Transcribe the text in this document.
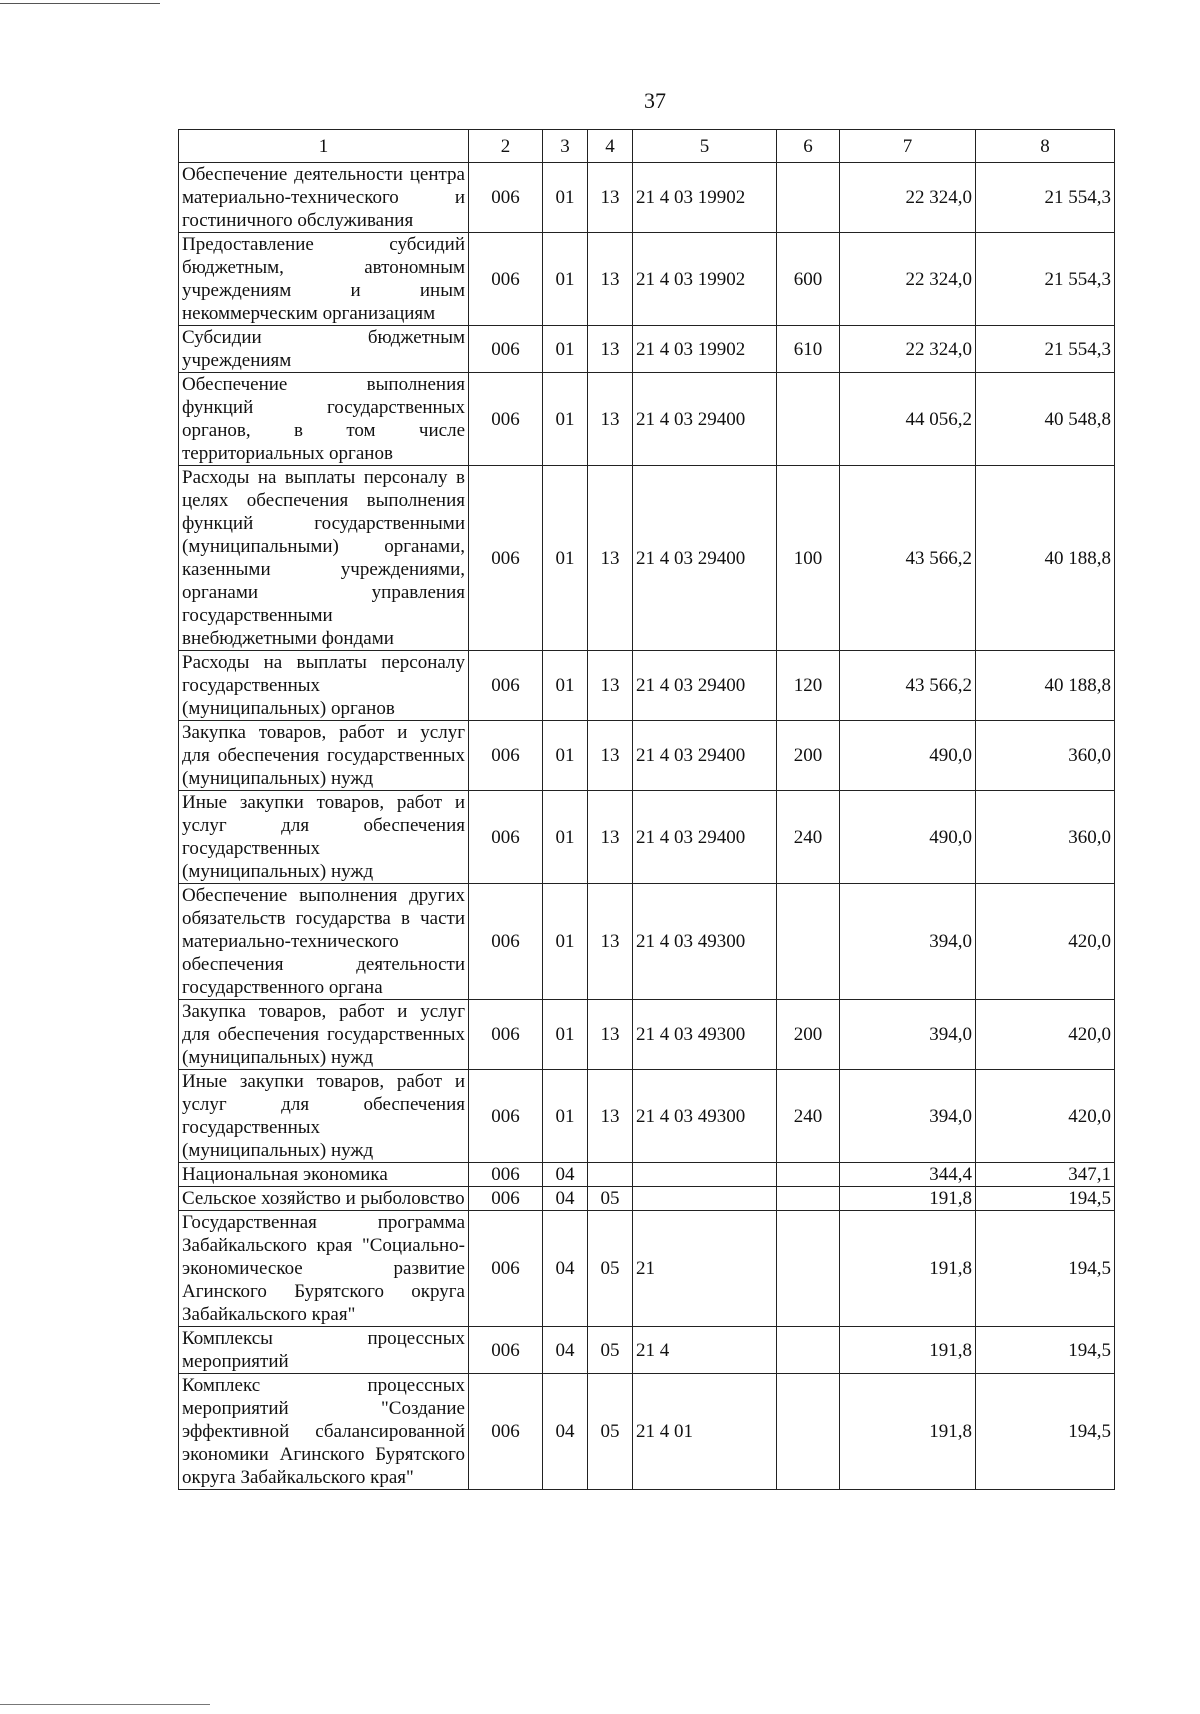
37
1	2	3	4	5	6	7	8
Обеспечение деятельности центра материально-технического и гостиничного обслуживания	006	01	13	21 4 03 19902		22 324,0	21 554,3
Предоставление субсидий бюджетным, автономным учреждениям и иным некоммерческим организациям	006	01	13	21 4 03 19902	600	22 324,0	21 554,3
Субсидии бюджетным учреждениям	006	01	13	21 4 03 19902	610	22 324,0	21 554,3
Обеспечение выполнения функций государственных органов, в том числе территориальных органов	006	01	13	21 4 03 29400		44 056,2	40 548,8
Расходы на выплаты персоналу в целях обеспечения выполнения функций государственными (муниципальными) органами, казенными учреждениями, органами управления государственными внебюджетными фондами	006	01	13	21 4 03 29400	100	43 566,2	40 188,8
Расходы на выплаты персоналу государственных (муниципальных) органов	006	01	13	21 4 03 29400	120	43 566,2	40 188,8
Закупка товаров, работ и услуг для обеспечения государственных (муниципальных) нужд	006	01	13	21 4 03 29400	200	490,0	360,0
Иные закупки товаров, работ и услуг для обеспечения государственных (муниципальных) нужд	006	01	13	21 4 03 29400	240	490,0	360,0
Обеспечение выполнения других обязательств государства в части материально-технического обеспечения деятельности государственного органа	006	01	13	21 4 03 49300		394,0	420,0
Закупка товаров, работ и услуг для обеспечения государственных (муниципальных) нужд	006	01	13	21 4 03 49300	200	394,0	420,0
Иные закупки товаров, работ и услуг для обеспечения государственных (муниципальных) нужд	006	01	13	21 4 03 49300	240	394,0	420,0
Национальная экономика	006	04				344,4	347,1
Сельское хозяйство и рыболовство	006	04	05			191,8	194,5
Государственная программа Забайкальского края "Социально-экономическое развитие Агинского Бурятского округа Забайкальского края"	006	04	05	21		191,8	194,5
Комплексы процессных мероприятий	006	04	05	21 4		191,8	194,5
Комплекс процессных мероприятий "Создание эффективной сбалансированной экономики Агинского Бурятского округа Забайкальского края"	006	04	05	21 4 01		191,8	194,5
